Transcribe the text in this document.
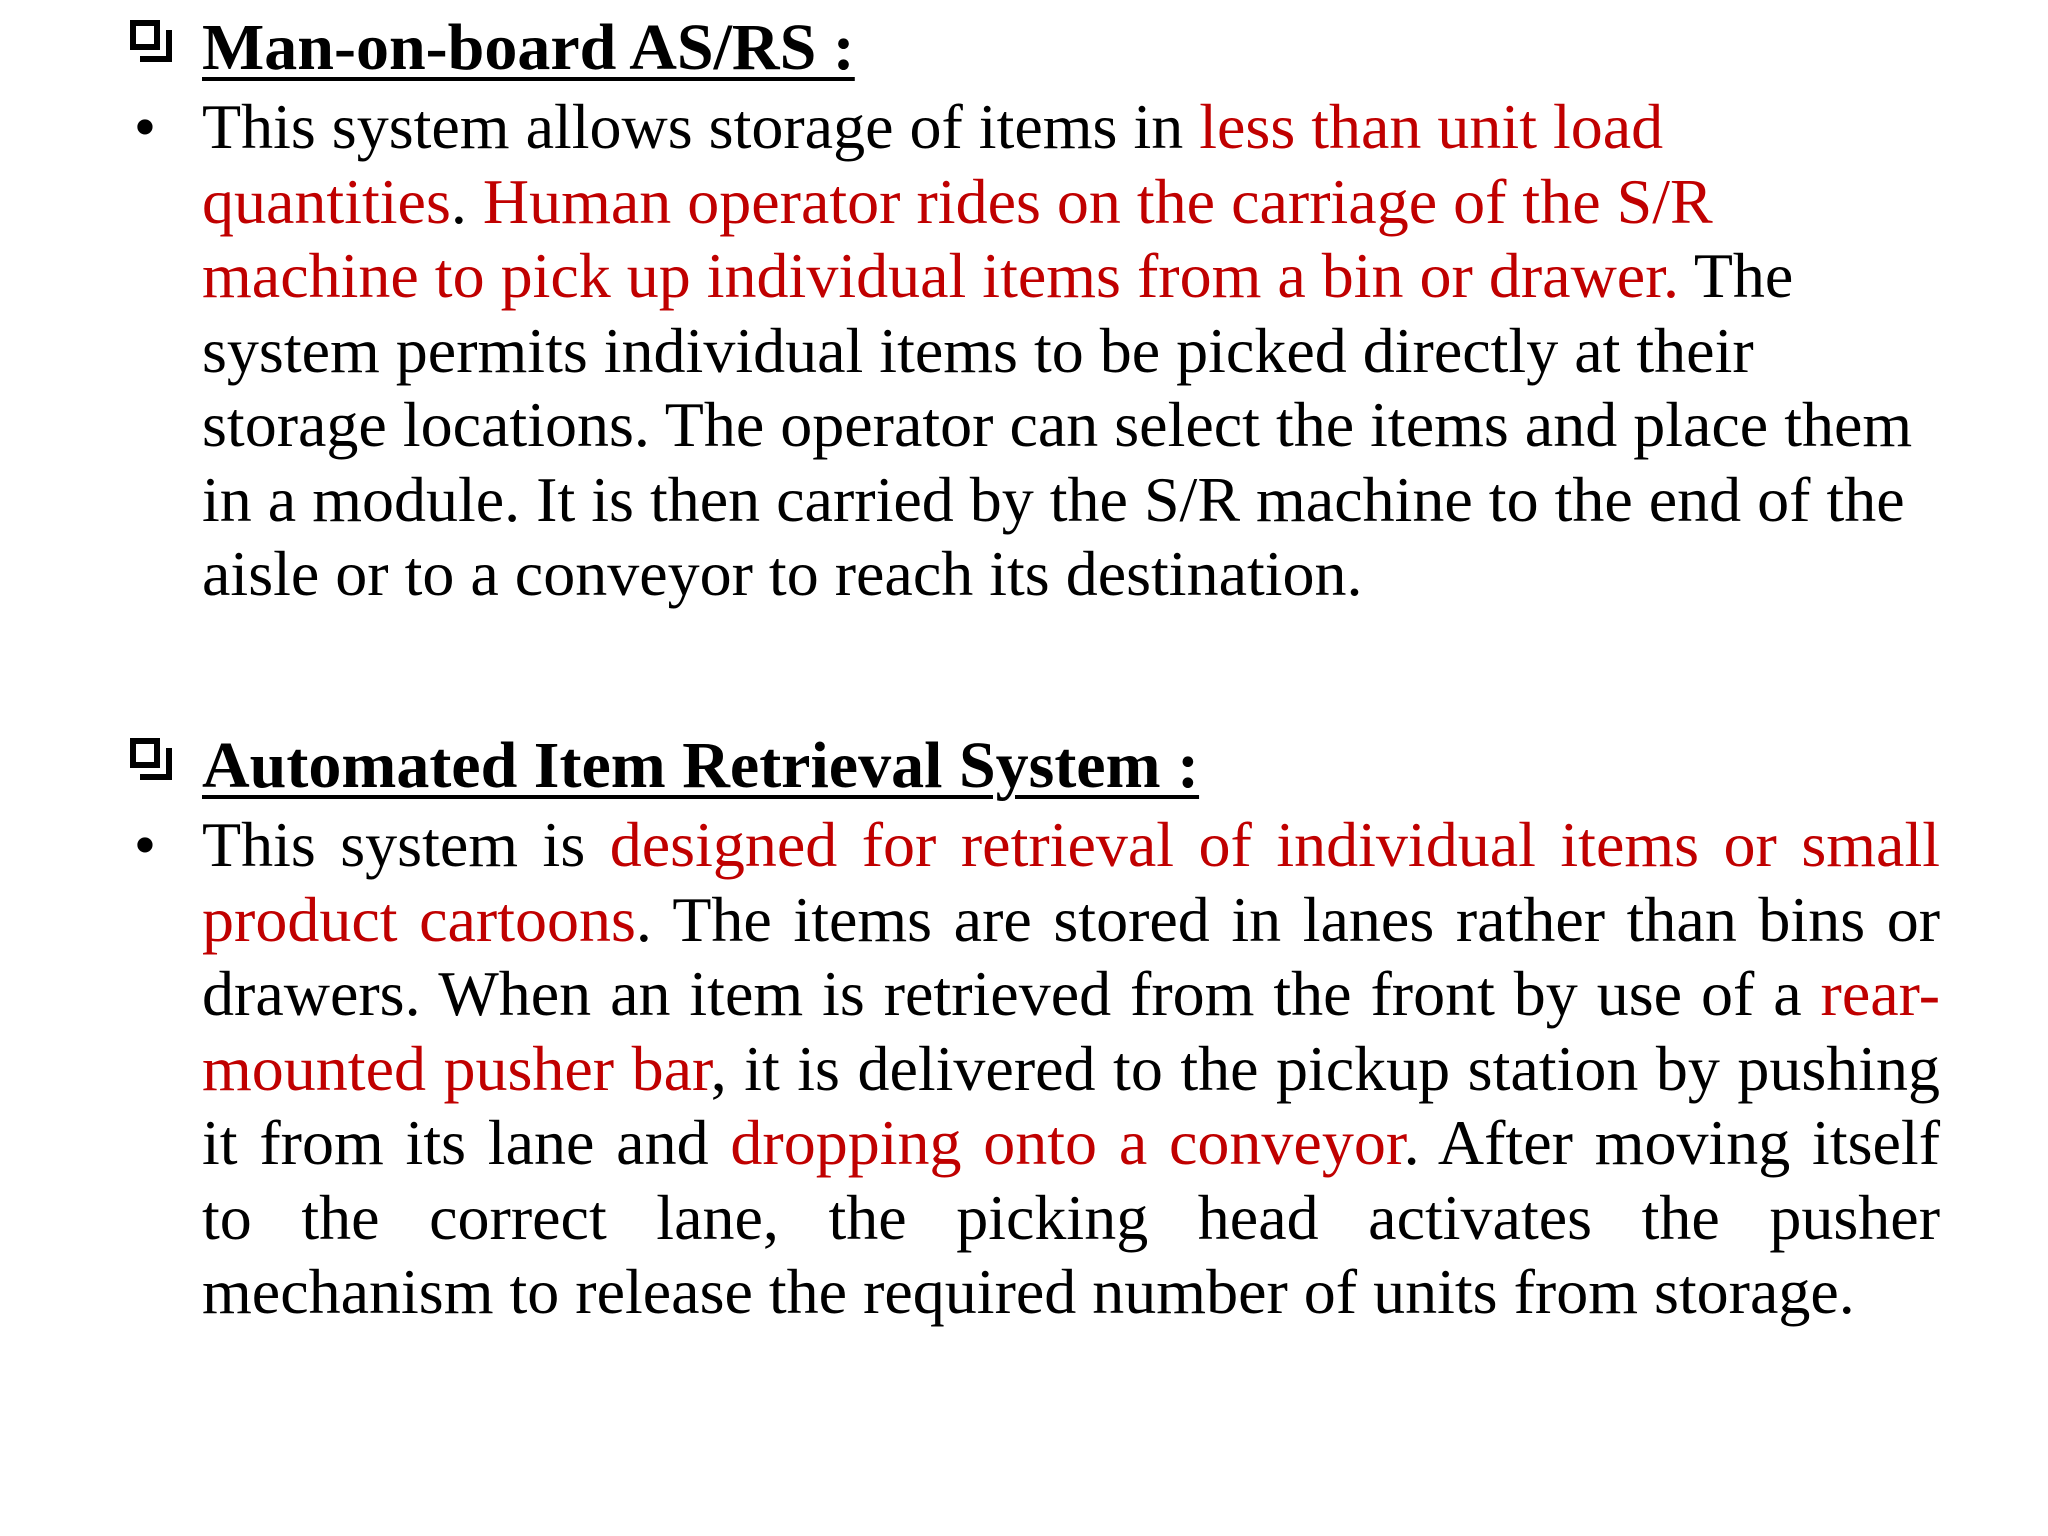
Man-on-board AS/RS :
• This system allows storage of items in less than unit load quantities. Human operator rides on the carriage of the S/R machine to pick up individual items from a bin or drawer. The system permits individual items to be picked directly at their storage locations. The operator can select the items and place them in a module. It is then carried by the S/R machine to the end of the aisle or to a conveyor to reach its destination.
Automated Item Retrieval System :
• This system is designed for retrieval of individual items or small product cartoons. The items are stored in lanes rather than bins or drawers. When an item is retrieved from the front by use of a rear-mounted pusher bar, it is delivered to the pickup station by pushing it from its lane and dropping onto a conveyor. After moving itself to the correct lane, the picking head activates the pusher mechanism to release the required number of units from storage.
